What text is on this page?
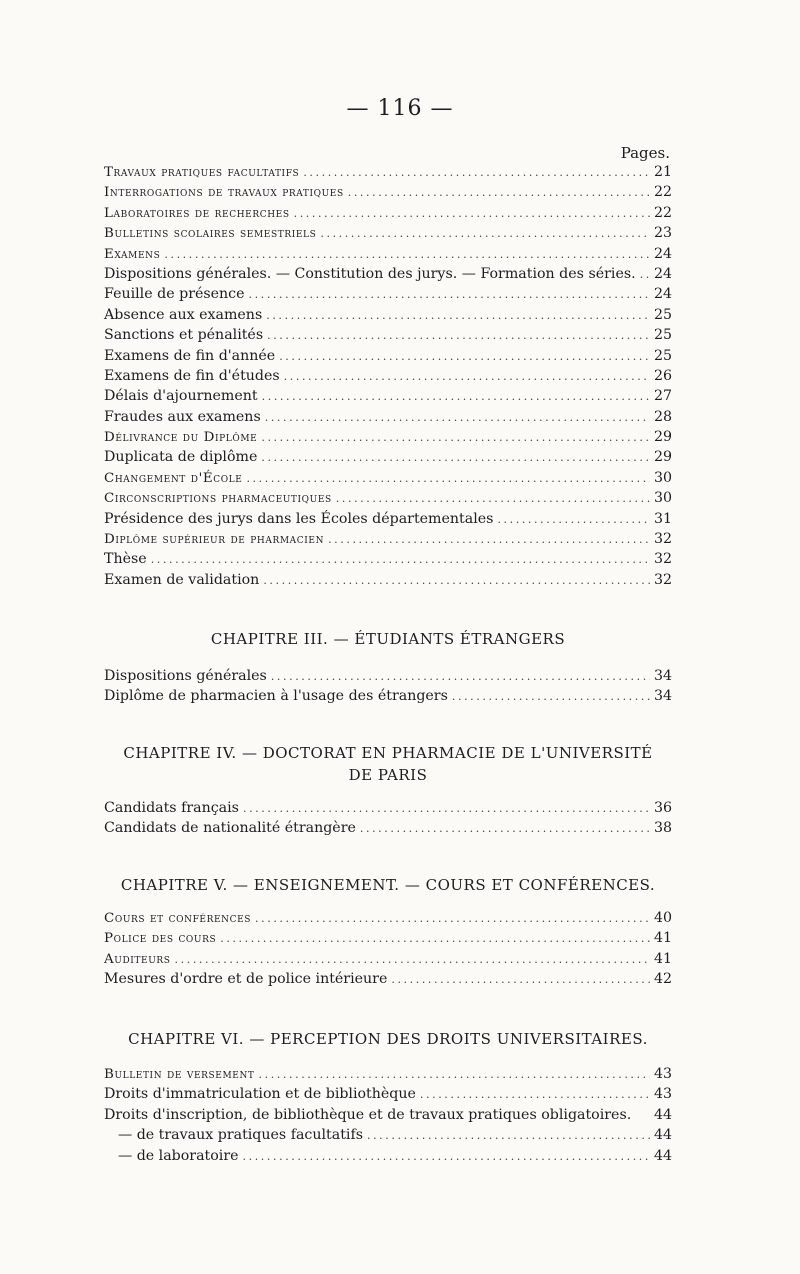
— 116 —
Pages.
Travaux pratiques facultatifs .....	21
Interrogations de travaux pratiques .....	22
Laboratoires de recherches .....	22
Bulletins scolaires semestriels .....	23
Examens .....	24
Dispositions générales. — Constitution des jurys. — Formation des séries. ..... 24
Feuille de présence .....	24
Absence aux examens .....	25
Sanctions et pénalités .....	25
Examens de fin d'année .....	25
Examens de fin d'études .....	26
Délais d'ajournement .....	27
Fraudes aux examens .....	28
Délivrance du Diplôme .....	29
Duplicata de diplôme .....	29
Changement d'École .....	30
Circonscriptions pharmaceutiques .....	30
Présidence des jurys dans les Écoles départementales .....	31
Diplôme supérieur de pharmacien .....	32
Thèse .....	32
Examen de validation .....	32
CHAPITRE III. — ÉTUDIANTS ÉTRANGERS
Dispositions générales .....	34
Diplôme de pharmacien à l'usage des étrangers .....	34
CHAPITRE IV. — DOCTORAT EN PHARMACIE DE L'UNIVERSITÉ
DE PARIS
Candidats français .....	36
Candidats de nationalité étrangère .....	38
CHAPITRE V. — ENSEIGNEMENT. — COURS ET CONFÉRENCES.
Cours et conférences .....	40
Police des cours .....	41
Auditeurs .....	41
Mesures d'ordre et de police intérieure .....	42
CHAPITRE VI. — PERCEPTION DES DROITS UNIVERSITAIRES.
Bulletin de versement .....	43
Droits d'immatriculation et de bibliothèque .....	43
Droits d'inscription, de bibliothèque et de travaux pratiques obligatoires. 44
— de travaux pratiques facultatifs .....	44
— de laboratoire .....	44
